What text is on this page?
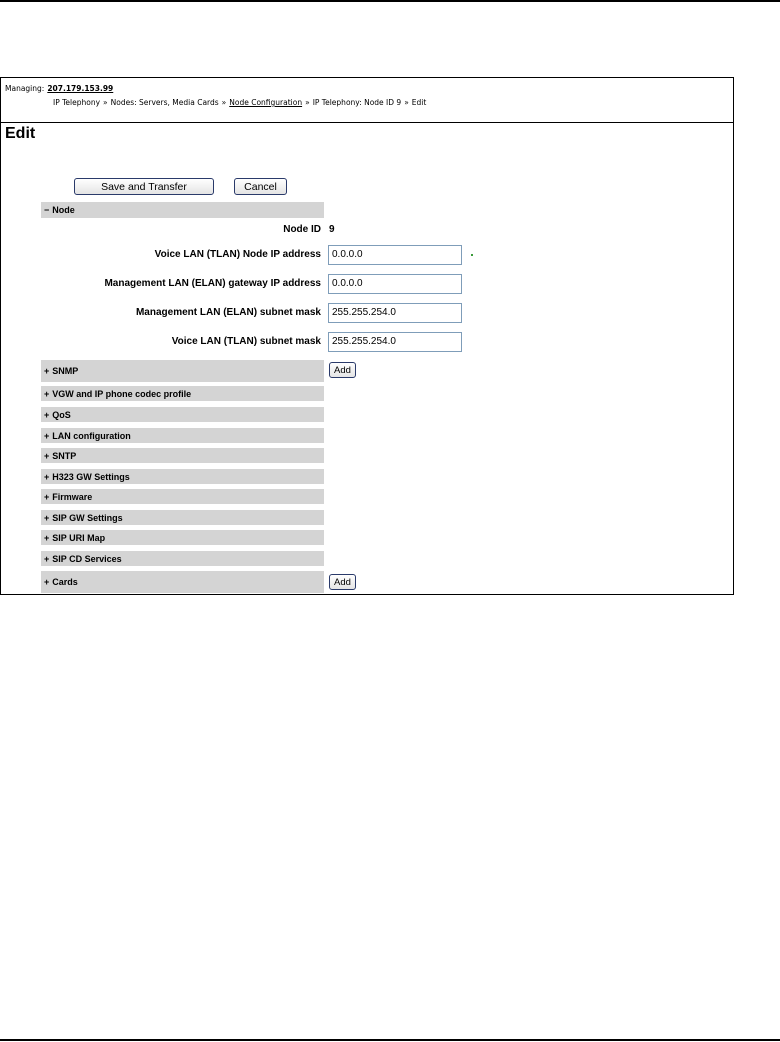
Managing: 207.179.153.99
IP Telephony » Nodes: Servers, Media Cards » Node Configuration » IP Telephony: Node ID 9 » Edit
Edit
Save and Transfer	Cancel
− Node
Node ID 9
Voice LAN (TLAN) Node IP address	0.0.0.0
Management LAN (ELAN) gateway IP address	0.0.0.0
Management LAN (ELAN) subnet mask	255.255.254.0
Voice LAN (TLAN) subnet mask	255.255.254.0
+ SNMP	Add
+ VGW and IP phone codec profile
+ QoS
+ LAN configuration
+ SNTP
+ H323 GW Settings
+ Firmware
+ SIP GW Settings
+ SIP URI Map
+ SIP CD Services
+ Cards	Add
